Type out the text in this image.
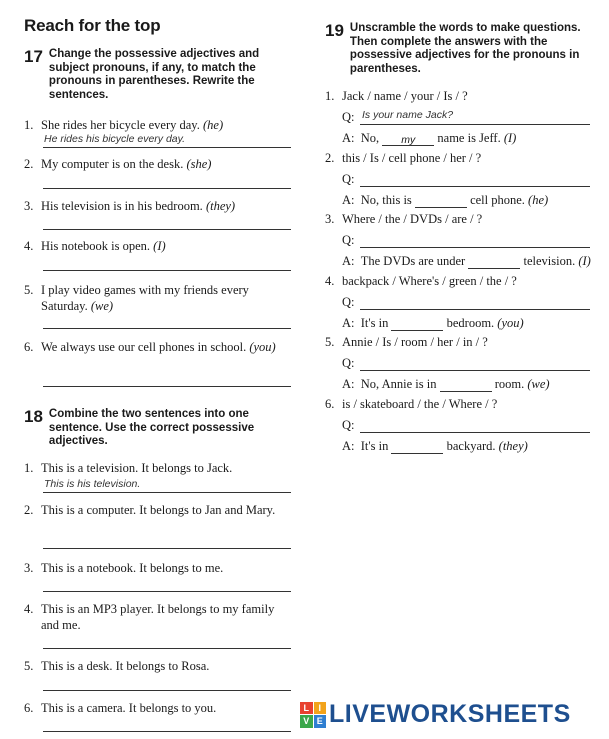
Reach for the top
17 Change the possessive adjectives and subject pronouns, if any, to match the pronouns in parentheses. Rewrite the sentences.
1. She rides her bicycle every day. (he)
He rides his bicycle every day.
2. My computer is on the desk. (she)
3. His television is in his bedroom. (they)
4. His notebook is open. (I)
5. I play video games with my friends every Saturday. (we)
6. We always use our cell phones in school. (you)
18 Combine the two sentences into one sentence. Use the correct possessive adjectives.
1. This is a television. It belongs to Jack.
This is his television.
2. This is a computer. It belongs to Jan and Mary.
3. This is a notebook. It belongs to me.
4. This is an MP3 player. It belongs to my family and me.
5. This is a desk. It belongs to Rosa.
6. This is a camera. It belongs to you.
19 Unscramble the words to make questions. Then complete the answers with the possessive adjectives for the pronouns in parentheses.
1. Jack / name / your / Is / ?
Q: Is your name Jack?
A: No, my name is Jeff. (I)
2. this / Is / cell phone / her / ?
Q:
A: No, this is	cell phone. (he)
3. Where / the / DVDs / are / ?
Q:
A: The DVDs are under	television. (I)
4. backpack / Where's / green / the / ?
Q:
A: It's in	bedroom. (you)
5. Annie / Is / room / her / in / ?
Q:
A: No, Annie is in	room. (we)
6. is / skateboard / the / Where / ?
Q:
A: It's in	backyard. (they)
L	I
V E LIVEWORKSHEETS
